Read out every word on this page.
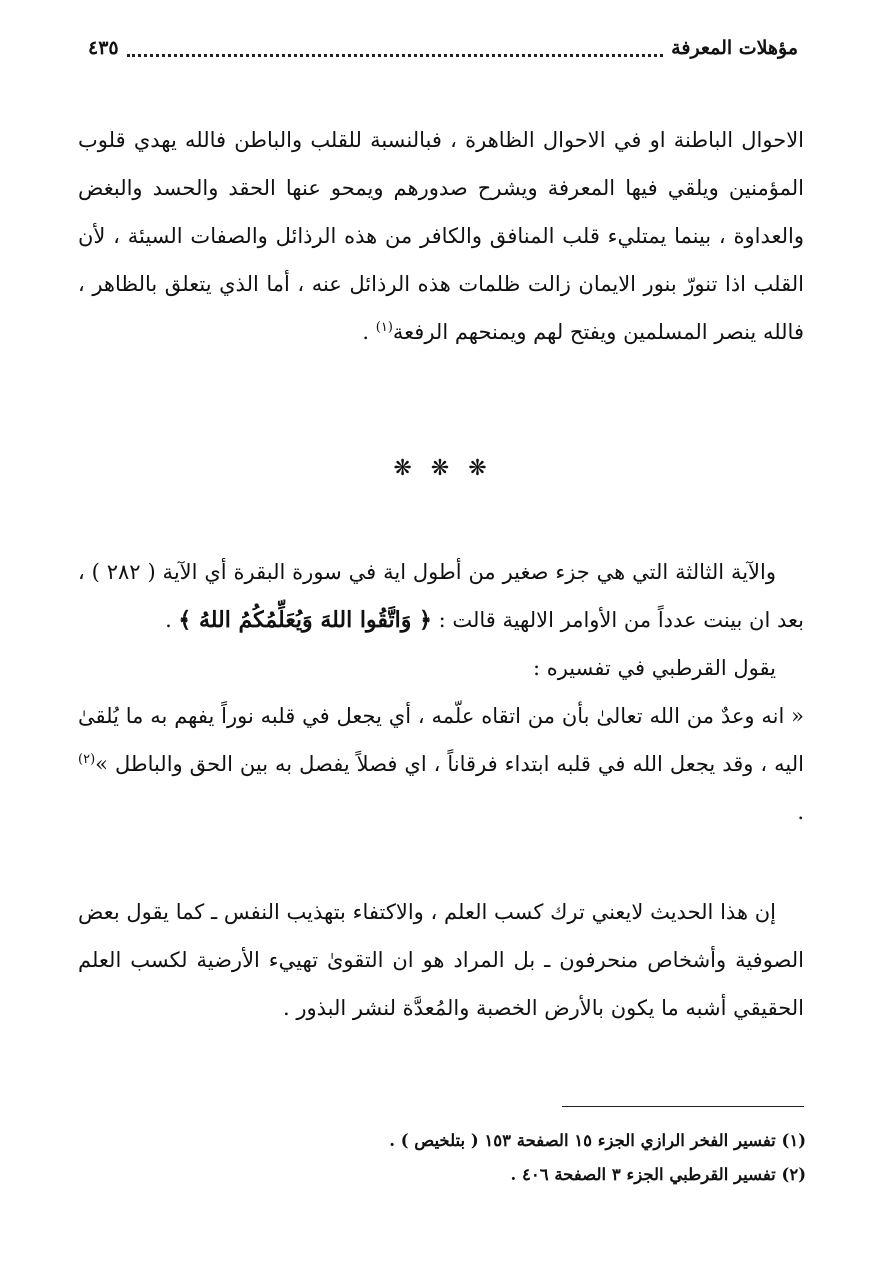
مؤهلات المعرفة
٤٣٥

الاحوال الباطنة او في الاحوال الظاهرة ، فبالنسبة للقلب والباطن فالله يهدي قلوب المؤمنين ويلقي فيها المعرفة ويشرح صدورهم ويمحو عنها الحقد والحسد والبغض والعداوة ، بينما يمتليء قلب المنافق والكافر من هذه الرذائل والصفات السيئة ، لأن القلب اذا تنورّ بنور الايمان زالت ظلمات هذه الرذائل عنه ، أما الذي يتعلق بالظاهر ، فالله ينصر المسلمين ويفتح لهم ويمنحهم الرفعة$^{(١)}$ .

❋ ❋ ❋

والآية الثالثة التي هي جزء صغير من أطول اية في سورة البقرة أي الآية ( ٢٨٢ ) ، بعد ان بينت عدداً من الأوامر الالهية قالت : ﴿ وَاتَّقُوا اللهَ وَيُعَلِّمُكُمُ اللهُ ﴾ .

يقول القرطبي في تفسيره :

« انه وعدٌ من الله تعالىٰ بأن من اتقاه علّمه ، أي يجعل في قلبه نوراً يفهم به ما يُلقىٰ اليه ، وقد يجعل الله في قلبه ابتداء فرقاناً ، اي فصلاً يفصل به بين الحق والباطل »$^{(٢)}$ .

إن هذا الحديث لايعني ترك كسب العلم ، والاكتفاء بتهذيب النفس ـ كما يقول بعض الصوفية وأشخاص منحرفون ـ بل المراد هو ان التقوىٰ تهييء الأرضية لكسب العلم الحقيقي أشبه ما يكون بالأرض الخصبة والمُعدَّة لنشر البذور .

(١) تفسير الفخر الرازي الجزء ١٥ الصفحة ١٥٣ ( بتلخيص ) .
(٢) تفسير القرطبي الجزء ٣ الصفحة ٤٠٦ .
